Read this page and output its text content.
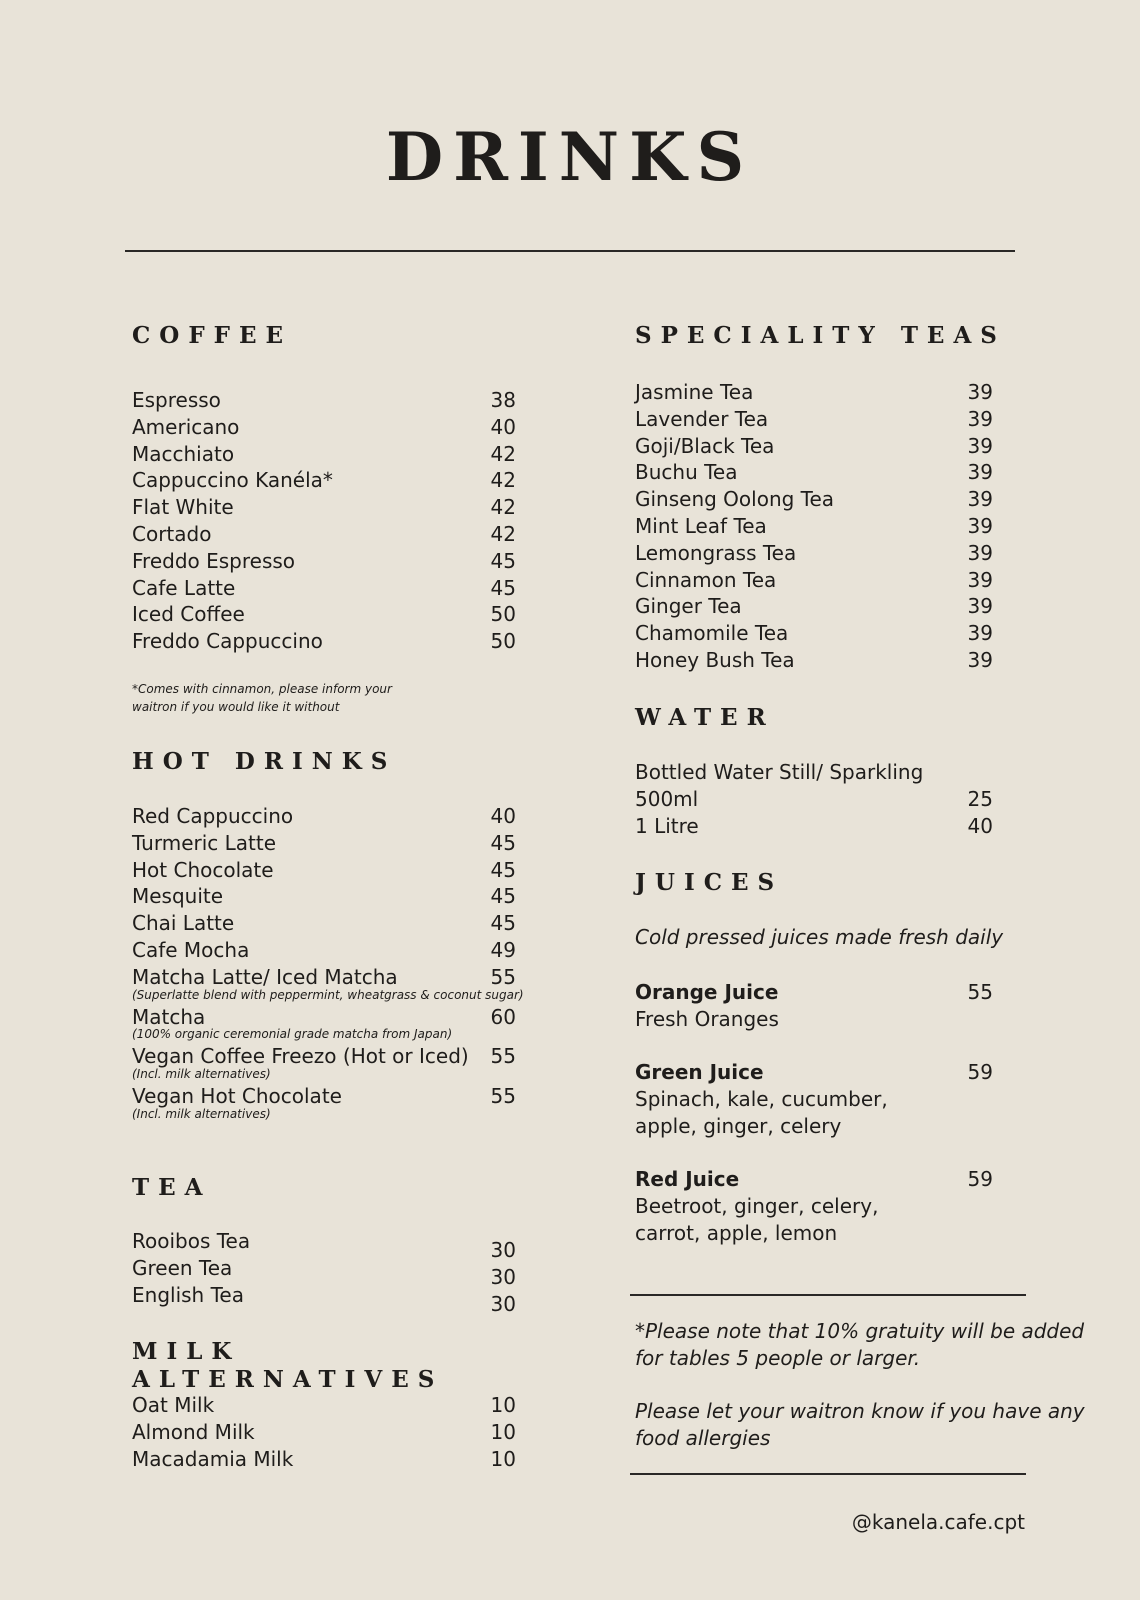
DRINKS
COFFEE
Espresso	38
Americano	40
Macchiato	42
Cappuccino Kanéla*	42
Flat White	42
Cortado	42
Freddo Espresso	45
Cafe Latte	45
Iced Coffee	50
Freddo Cappuccino	50
*Comes with cinnamon, please inform your
waitron if you would like it without
HOT DRINKS
Red Cappuccino	40
Turmeric Latte	45
Hot Chocolate	45
Mesquite	45
Chai Latte	45
Cafe Mocha	49
Matcha Latte/ Iced Matcha	55
(Superlatte blend with peppermint, wheatgrass & coconut sugar)
Matcha	60
(100% organic ceremonial grade matcha from Japan)
Vegan Coffee Freezo (Hot or Iced) 55
(Incl. milk alternatives)
Vegan Hot Chocolate	55
(Incl. milk alternatives)
TEA
Rooibos Tea	30
Green Tea	30
English Tea	30
MILK ALTERNATIVES
Oat Milk	10
Almond Milk	10
Macadamia Milk	10
SPECIALITY TEAS
Jasmine Tea	39
Lavender Tea	39
Goji/Black Tea	39
Buchu Tea	39
Ginseng Oolong Tea	39
Mint Leaf Tea	39
Lemongrass Tea	39
Cinnamon Tea	39
Ginger Tea	39
Chamomile Tea	39
Honey Bush Tea	39
WATER
Bottled Water Still/ Sparkling
500ml	25
1 Litre	40
JUICES
Cold pressed juices made fresh daily
Orange Juice	55
Fresh Oranges
Green Juice	59
Spinach, kale, cucumber,
apple, ginger, celery
Red Juice	59
Beetroot, ginger, celery,
carrot, apple, lemon
*Please note that 10% gratuity will be added
for tables 5 people or larger.
Please let your waitron know if you have any
food allergies
@kanela.cafe.cpt
